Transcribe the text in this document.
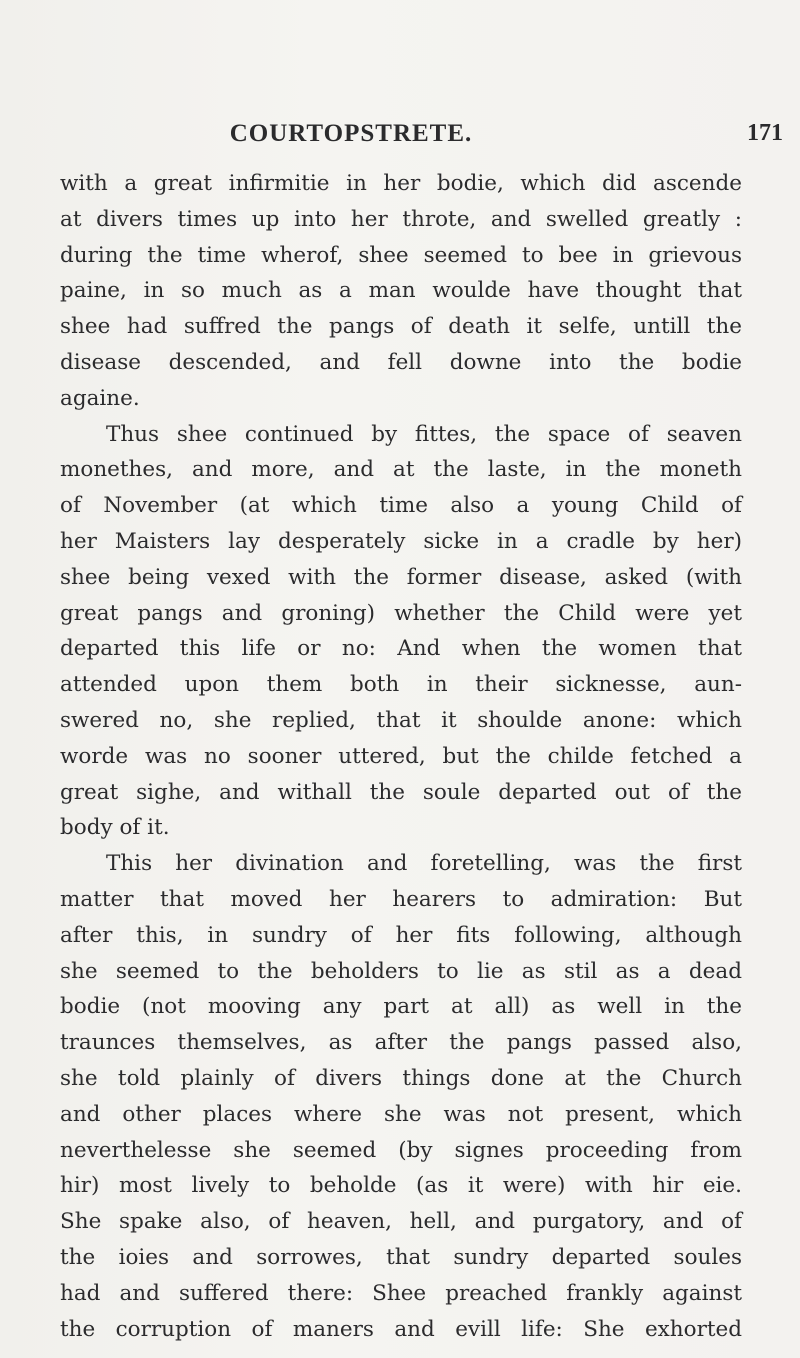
COURTOPSTRETE.	171
with a great infirmitie in her bodie, whiсh did ascende
at divers times up into her throte, and swelled greatly :
during the time wherof, shee seemed to bee in grievous
paine, in so much as a man woulde have thought that
shee had suffred the pangs of death it selfe, untill the
disease descended, and fell downe into the bodie
againe.
Thus shee continued by fittes, the space of seaven
monethes, and more, and at the laste, in the moneth
of November (at which time also a young Child of
her Maisters lay desperately sicke in a cradle by her)
shee being vexed with the former disease, asked (with
great pangs and groning) whether the Child were yet
departed this life or no: And when the women that
attended upon them both in their sicknesse, aun-
swered no, she replied, that it shoulde anone: which
worde was no sooner uttered, but the childe fetched a
great sighe, and withall the soule departed out of the
body of it.
This her divination and foretelling, was the first
matter that moved her hearers to admiration: But
after this, in sundry of her fits following, although
she seemed to the beholders to lie as stil as a dead
bodie (not mooving any part at all) as well in the
traunces themselves, as after the pangs passed also,
she told plainly of divers things done at the Church
and other places where she was not present, which
neverthelesse she seemed (by signes proceeding from
hir) most lively to beholde (as it were) with hir eie.
She spake also, of heaven, hell, and purgatory, and of
the ioies and sorrowes, that sundry departed soules
had and suffered there: Shee preached frankly against
the corruption of maners and evill life: She exhorted
